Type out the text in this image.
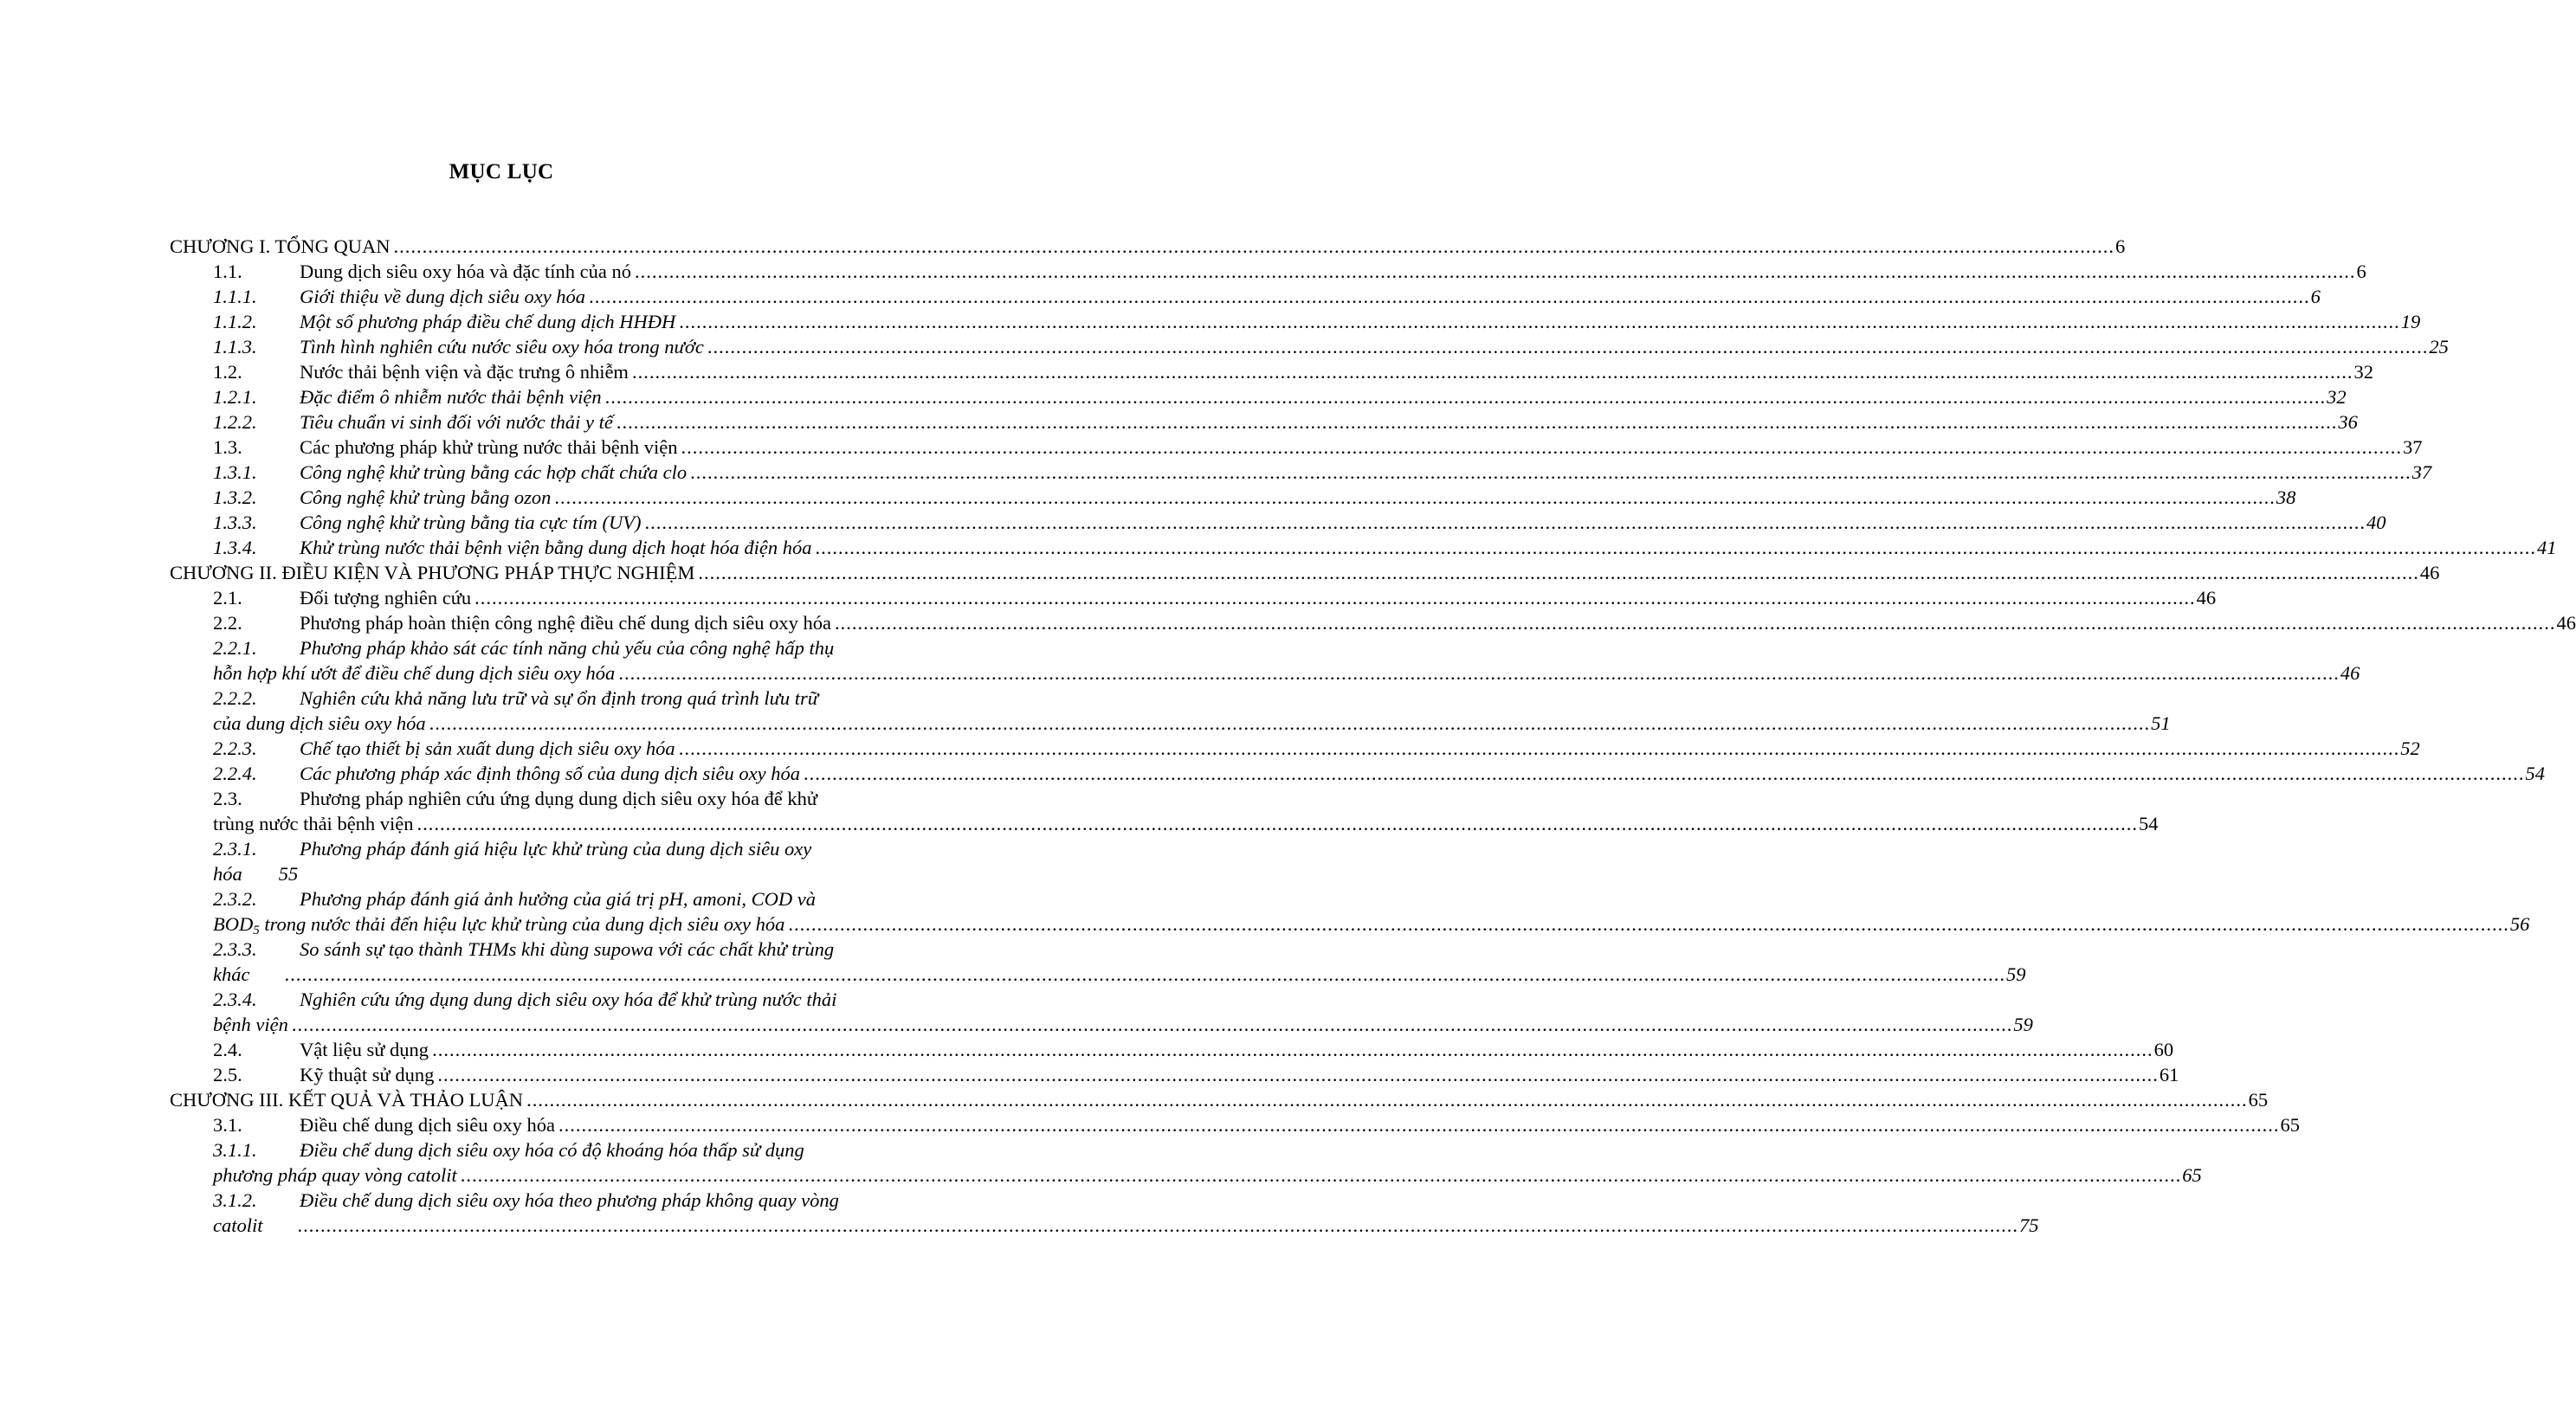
MỤC LỤC
CHƯƠNG I. TỔNG QUAN ............................................................................................................................................................................................................................................................................................................ 6
1.1.	Dung dịch siêu oxy hóa và đặc tính của nó ............................................................................................................................................................................................................................................................................................................ 6
1.1.1. Giới thiệu về dung dịch siêu oxy hóa ............................................................................................................................................................................................................................................................................................................ 6
1.1.2. Một số phương pháp điều chế dung dịch HHĐH ............................................................................................................................................................................................................................................................................................................ 19
1.1.3. Tình hình nghiên cứu nước siêu oxy hóa trong nước ............................................................................................................................................................................................................................................................................................................ 25
1.2.	Nước thải bệnh viện và đặc trưng ô nhiễm ............................................................................................................................................................................................................................................................................................................ 32
1.2.1. Đặc điểm ô nhiễm nước thải bệnh viện ............................................................................................................................................................................................................................................................................................................ 32
1.2.2. Tiêu chuẩn vi sinh đối với nước thải y tế ............................................................................................................................................................................................................................................................................................................ 36
1.3.	Các phương pháp khử trùng nước thải bệnh viện ............................................................................................................................................................................................................................................................................................................ 37
1.3.1. Công nghệ khử trùng bằng các hợp chất chứa clo ............................................................................................................................................................................................................................................................................................................ 37
1.3.2. Công nghệ khử trùng bằng ozon ............................................................................................................................................................................................................................................................................................................ 38
1.3.3. Công nghệ khử trùng bằng tia cực tím (UV) ............................................................................................................................................................................................................................................................................................................ 40
1.3.4. Khử trùng nước thải bệnh viện bằng dung dịch hoạt hóa điện hóa ............................................................................................................................................................................................................................................................................................................ 41
CHƯƠNG II. ĐIỀU KIỆN VÀ PHƯƠNG PHÁP THỰC NGHIỆM ............................................................................................................................................................................................................................................................................................................ 46
2.1.	Đối tượng nghiên cứu ............................................................................................................................................................................................................................................................................................................ 46
2.2.	Phương pháp hoàn thiện công nghệ điều chế dung dịch siêu oxy hóa ............................................................................................................................................................................................................................................................................................................ 46
2.2.1. Phương pháp khảo sát các tính năng chủ yếu của công nghệ hấp thụ
hỗn hợp khí ướt để điều chế dung dịch siêu oxy hóa ............................................................................................................................................................................................................................................................................................................ 46
2.2.2. Nghiên cứu khả năng lưu trữ và sự ổn định trong quá trình lưu trữ
của dung dịch siêu oxy hóa ............................................................................................................................................................................................................................................................................................................ 51
2.2.3. Chế tạo thiết bị sản xuất dung dịch siêu oxy hóa ............................................................................................................................................................................................................................................................................................................ 52
2.2.4. Các phương pháp xác định thông số của dung dịch siêu oxy hóa ............................................................................................................................................................................................................................................................................................................ 54
2.3.	Phương pháp nghiên cứu ứng dụng dung dịch siêu oxy hóa để khử
trùng nước thải bệnh viện ............................................................................................................................................................................................................................................................................................................ 54
2.3.1. Phương pháp đánh giá hiệu lực khử trùng của dung dịch siêu oxy
hóa 55
2.3.2. Phương pháp đánh giá ảnh hưởng của giá trị pH, amoni, COD và
$BOD_5$ trong nước thải đến hiệu lực khử trùng của dung dịch siêu oxy hóa ............................................................................................................................................................................................................................................................................................................ 56
2.3.3. So sánh sự tạo thành THMs khi dùng supowa với các chất khử trùng
khác ............................................................................................................................................................................................................................................................................................................ 59
2.3.4. Nghiên cứu ứng dụng dung dịch siêu oxy hóa để khử trùng nước thải
bệnh viện ............................................................................................................................................................................................................................................................................................................ 59
2.4.	Vật liệu sử dụng ............................................................................................................................................................................................................................................................................................................ 60
2.5.	Kỹ thuật sử dụng ............................................................................................................................................................................................................................................................................................................ 61
CHƯƠNG III. KẾT QUẢ VÀ THẢO LUẬN ............................................................................................................................................................................................................................................................................................................ 65
3.1.	Điều chế dung dịch siêu oxy hóa ............................................................................................................................................................................................................................................................................................................ 65
3.1.1. Điều chế dung dịch siêu oxy hóa có độ khoáng hóa thấp sử dụng
phương pháp quay vòng catolit ............................................................................................................................................................................................................................................................................................................ 65
3.1.2. Điều chế dung dịch siêu oxy hóa theo phương pháp không quay vòng
catolit ............................................................................................................................................................................................................................................................................................................ 75
